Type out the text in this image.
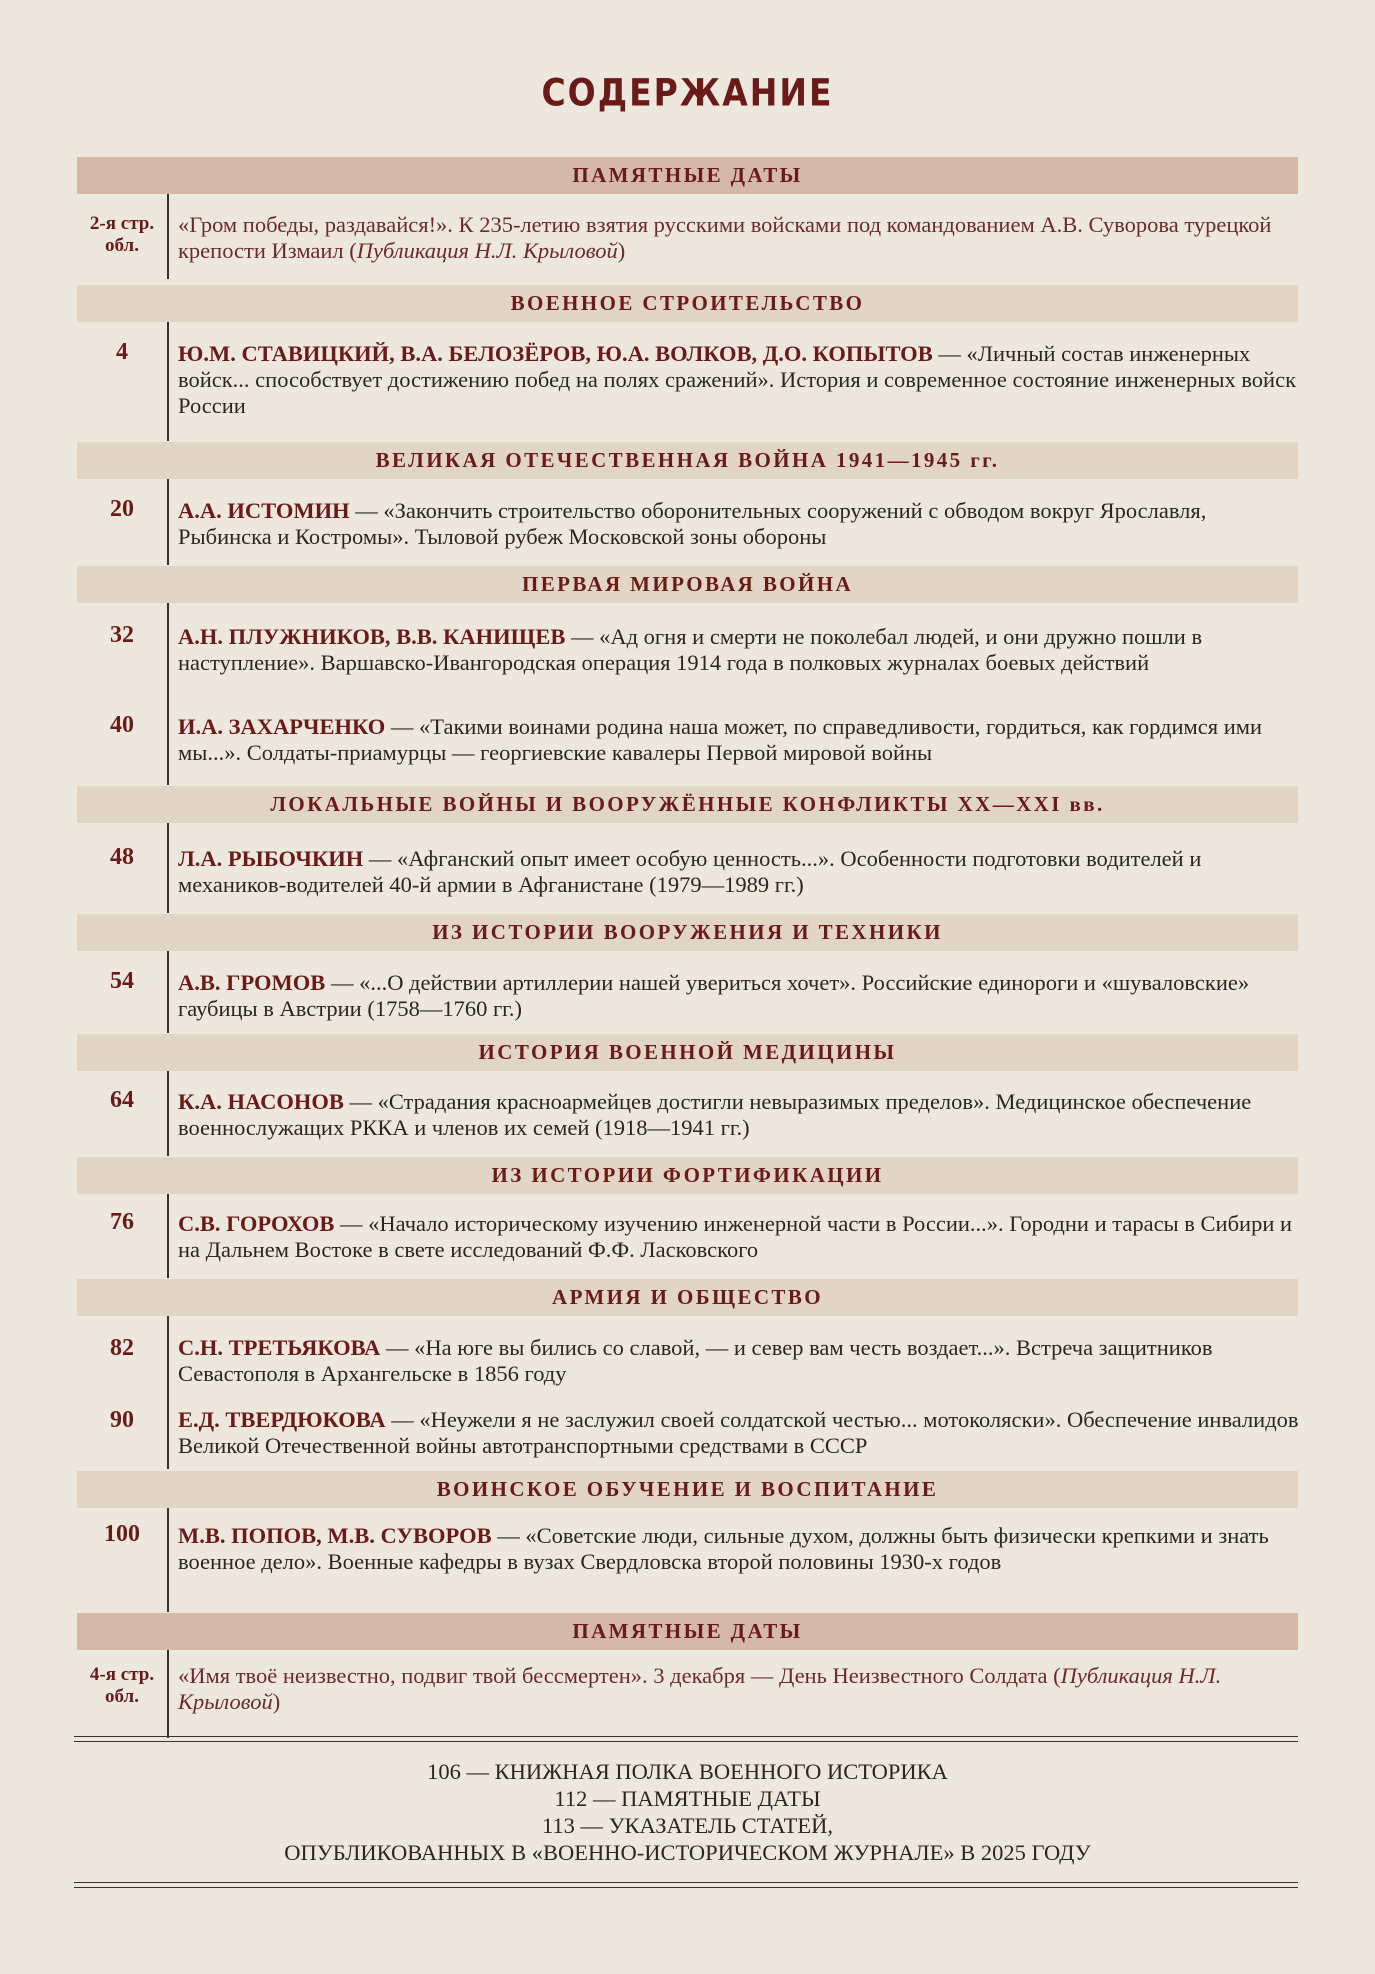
СОДЕРЖАНИЕ
ПАМЯТНЫЕ ДАТЫ
2-я стр.
обл.
«Гром победы, раздавайся!». К 235-летию взятия русскими войсками под командованием А.В. Суворова турецкой крепости Измаил (Публикация Н.Л. Крыловой)
ВОЕННОЕ СТРОИТЕЛЬСТВО
4	Ю.М. СТАВИЦКИЙ, В.А. БЕЛОЗЁРОВ, Ю.А. ВОЛКОВ, Д.О. КОПЫТОВ — «Личный состав инженерных войск... способствует достижению побед на полях сражений». История и современное состояние инженерных войск России
ВЕЛИКАЯ ОТЕЧЕСТВЕННАЯ ВОЙНА 1941—1945 гг.
20	А.А. ИСТОМИН — «Закончить строительство оборонительных сооружений с обводом вокруг Ярославля, Рыбинска и Костромы». Тыловой рубеж Московской зоны обороны
ПЕРВАЯ МИРОВАЯ ВОЙНА
32	А.Н. ПЛУЖНИКОВ, В.В. КАНИЩЕВ — «Ад огня и смерти не поколебал людей, и они дружно пошли в наступление». Варшавско-Ивангородская операция 1914 года в полковых журналах боевых действий
40	И.А. ЗАХАРЧЕНКО — «Такими воинами родина наша может, по справедливости, гордиться, как гордимся ими мы...». Солдаты-приамурцы — георгиевские кавалеры Первой мировой войны
ЛОКАЛЬНЫЕ ВОЙНЫ И ВООРУЖЁННЫЕ КОНФЛИКТЫ XX—XXI вв.
48	Л.А. РЫБОЧКИН — «Афганский опыт имеет особую ценность...». Особенности подготовки водителей и механиков-водителей 40-й армии в Афганистане (1979—1989 гг.)
ИЗ ИСТОРИИ ВООРУЖЕНИЯ И ТЕХНИКИ
54	А.В. ГРОМОВ — «...О действии артиллерии нашей увериться хочет». Российские единороги и «шуваловские» гаубицы в Австрии (1758—1760 гг.)
ИСТОРИЯ ВОЕННОЙ МЕДИЦИНЫ
64	К.А. НАСОНОВ — «Страдания красноармейцев достигли невыразимых пределов». Медицинское обеспечение военнослужащих РККА и членов их семей (1918—1941 гг.)
ИЗ ИСТОРИИ ФОРТИФИКАЦИИ
76	С.В. ГОРОХОВ — «Начало историческому изучению инженерной части в России...». Городни и тарасы в Сибири и на Дальнем Востоке в свете исследований Ф.Ф. Ласковского
АРМИЯ И ОБЩЕСТВО
82	С.Н. ТРЕТЬЯКОВА — «На юге вы бились со славой, — и север вам честь воздает...». Встреча защитников Севастополя в Архангельске в 1856 году
90	Е.Д. ТВЕРДЮКОВА — «Неужели я не заслужил своей солдатской честью... мотоколяски». Обеспечение инвалидов Великой Отечественной войны автотранспортными средствами в СССР
ВОИНСКОЕ ОБУЧЕНИЕ И ВОСПИТАНИЕ
100	М.В. ПОПОВ, М.В. СУВОРОВ — «Советские люди, сильные духом, должны быть физически крепкими и знать военное дело». Военные кафедры в вузах Свердловска второй половины 1930-х годов
ПАМЯТНЫЕ ДАТЫ
4-я стр.
обл.
«Имя твоё неизвестно, подвиг твой бессмертен». 3 декабря — День Неизвестного Солдата (Публикация Н.Л. Крыловой)
106 — КНИЖНАЯ ПОЛКА ВОЕННОГО ИСТОРИКА
112 — ПАМЯТНЫЕ ДАТЫ
113 — УКАЗАТЕЛЬ СТАТЕЙ,
ОПУБЛИКОВАННЫХ В «ВОЕННО-ИСТОРИЧЕСКОМ ЖУРНАЛЕ» В 2025 ГОДУ
